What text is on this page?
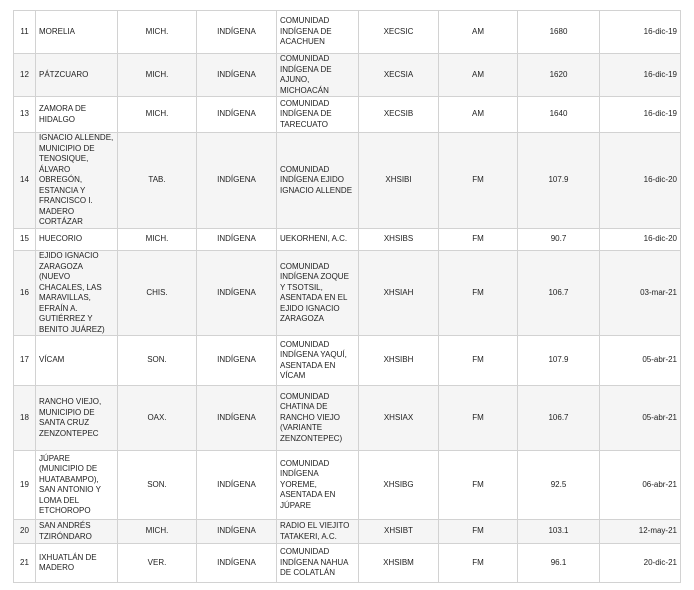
11	MORELIA	MICH.	INDÍGENA	COMUNIDAD INDÍGENA DE ACACHUEN	XECSIC	AM	1680	16-dic-19
12	PÁTZCUARO	MICH.	INDÍGENA	COMUNIDAD INDÍGENA DE AJUNO, MICHOACÁN	XECSIA	AM	1620	16-dic-19
13	ZAMORA DE HIDALGO	MICH.	INDÍGENA	COMUNIDAD INDÍGENA DE TARECUATO	XECSIB	AM	1640	16-dic-19
14	IGNACIO ALLENDE, MUNICIPIO DE TENOSIQUE, ÁLVARO OBREGÓN, ESTANCIA Y FRANCISCO I. MADERO CORTÁZAR	TAB.	INDÍGENA	COMUNIDAD INDÍGENA EJIDO IGNACIO ALLENDE	XHSIBI	FM	107.9	16-dic-20
15	HUECORIO	MICH.	INDÍGENA	UEKORHENI, A.C.	XHSIBS	FM	90.7	16-dic-20
16	EJIDO IGNACIO ZARAGOZA (NUEVO CHACALES, LAS MARAVILLAS, EFRAÍN A. GUTIÉRREZ Y BENITO JUÁREZ)	CHIS.	INDÍGENA	COMUNIDAD INDÍGENA ZOQUE Y TSOTSIL, ASENTADA EN EL EJIDO IGNACIO ZARAGOZA	XHSIAH	FM	106.7	03-mar-21
17	VÍCAM	SON.	INDÍGENA	COMUNIDAD INDÍGENA YAQUÍ, ASENTADA EN VÍCAM	XHSIBH	FM	107.9	05-abr-21
18	RANCHO VIEJO, MUNICIPIO DE SANTA CRUZ ZENZONTEPEC	OAX.	INDÍGENA	COMUNIDAD CHATINA DE RANCHO VIEJO (VARIANTE ZENZONTEPEC)	XHSIAX	FM	106.7	05-abr-21
19	JÚPARE (MUNICIPIO DE HUATABAMPO), SAN ANTONIO Y LOMA DEL ETCHOROPO	SON.	INDÍGENA	COMUNIDAD INDÍGENA YOREME, ASENTADA EN JÚPARE	XHSIBG	FM	92.5	06-abr-21
20	SAN ANDRÉS TZIRÓNDARO	MICH.	INDÍGENA	RADIO EL VIEJITO TATAKERI, A.C.	XHSIBT	FM	103.1	12-may-21
21	IXHUATLÁN DE MADERO	VER.	INDÍGENA	COMUNIDAD INDÍGENA NAHUA DE COLATLÁN	XHSIBM	FM	96.1	20-dic-21
